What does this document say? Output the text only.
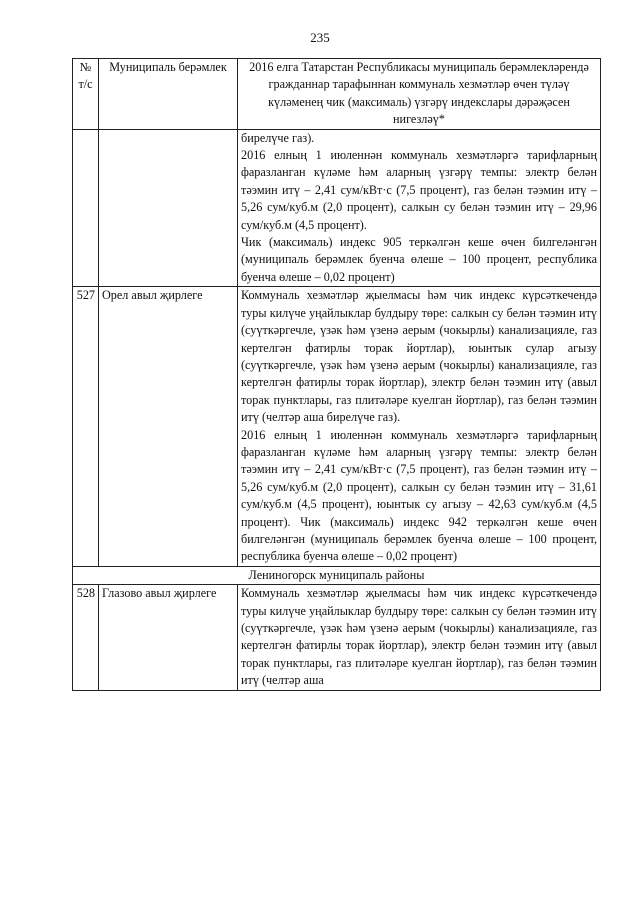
235
№ т/с	Муниципаль берәмлек	2016 елга Татарстан Республикасы муниципаль берәмлекләрендә гражданнар тарафыннан коммуналь хезмәтләр өчен түләү күләменең чик (максималь) үзгәрү индекслары дәрәҗәсен нигезләү*

		бирелүче газ).

2016 елның 1 июленнән коммуналь хезмәтләргә тарифларның фаразланган күләме һәм аларның үзгәрү темпы: электр белән тәэмин итү – 2,41 сум/кВт·с (7,5 процент), газ белән тәэмин итү – 5,26 сум/куб.м (2,0 процент), салкын су белән тәэмин итү – 29,96 сум/куб.м (4,5 процент).

Чик (максималь) индекс 905 теркәлгән кеше өчен билгеләнгән (муниципаль берәмлек буенча өлеше – 100 процент, республика буенча өлеше – 0,02 процент)

527	Орел авыл җирлеге	Коммуналь хезмәтләр җыелмасы һәм чик индекс күрсәткечендә туры килүче уңайлыклар булдыру төре: салкын су белән тәэмин итү (суүткәргечле, үзәк һәм үзенә аерым (чокырлы) канализацияле, газ кертелгән фатирлы торак йортлар), юынтык сулар агызу (суүткәргечле, үзәк һәм үзенә аерым (чокырлы) канализацияле, газ кертелгән фатирлы торак йортлар), электр белән тәэмин итү (авыл торак пунктлары, газ плитәләре куелган йортлар), газ белән тәэмин итү (челтәр аша бирелүче газ).

2016 елның 1 июленнән коммуналь хезмәтләргә тарифларның фаразланган күләме һәм аларның үзгәрү темпы: электр белән тәэмин итү – 2,41 сум/кВт·с (7,5 процент), газ белән тәэмин итү – 5,26 сум/куб.м (2,0 процент), салкын су белән тәэмин итү – 31,61 сум/куб.м (4,5 процент), юынтык су агызу – 42,63 сум/куб.м (4,5 процент). Чик (максималь) индекс 942 теркәлгән кеше өчен билгеләнгән (муниципаль берәмлек буенча өлеше – 100 процент, республика буенча өлеше – 0,02 процент)

Лениногорск муниципаль районы		
528	Глазово авыл җирлеге	Коммуналь хезмәтләр җыелмасы һәм чик индекс күрсәткечендә туры килүче уңайлыклар булдыру төре: салкын су белән тәэмин итү (суүткәргечле, үзәк һәм үзенә аерым (чокырлы) канализацияле, газ кертелгән фатирлы торак йортлар), электр белән тәэмин итү (авыл торак пунктлары, газ плитәләре куелган йортлар), газ белән тәэмин итү (челтәр аша
